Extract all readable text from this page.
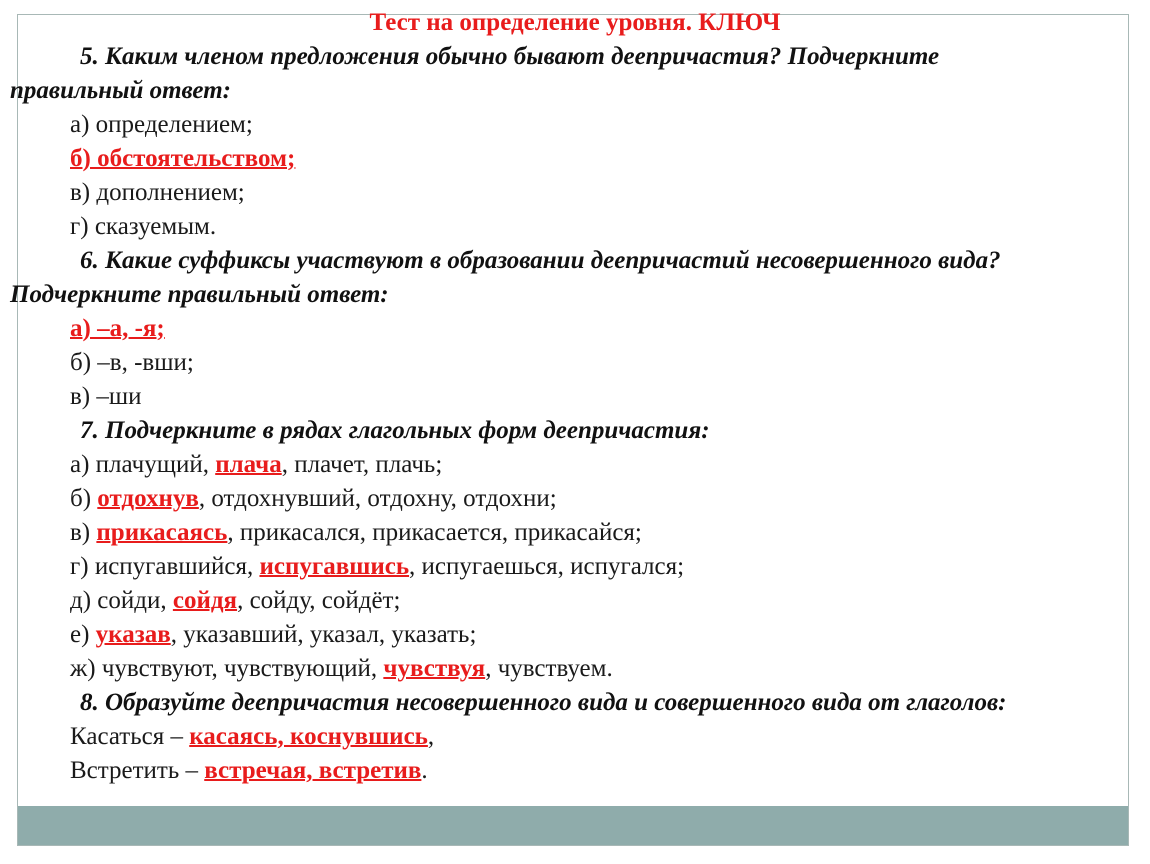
Тест на определение уровня. КЛЮЧ
5. Каким членом предложения обычно бывают деепричастия? Подчеркните
правильный ответ:
а) определением;
б) обстоятельством;
в) дополнением;
г) сказуемым.
6. Какие суффиксы участвуют в образовании деепричастий несовершенного вида?
Подчеркните правильный ответ:
а) –а, -я;
б) –в, -вши;
в) –ши
7. Подчеркните в рядах глагольных форм деепричастия:
а) плачущий, плача, плачет, плачь;
б) отдохнув, отдохнувший, отдохну, отдохни;
в) прикасаясь, прикасался, прикасается, прикасайся;
г) испугавшийся, испугавшись, испугаешься, испугался;
д) сойди, сойдя, сойду, сойдёт;
е) указав, указавший, указал, указать;
ж) чувствуют, чувствующий, чувствуя, чувствуем.
8. Образуйте деепричастия несовершенного вида и совершенного вида от глаголов:
Касаться – касаясь, коснувшись,
Встретить – встречая, встретив.
